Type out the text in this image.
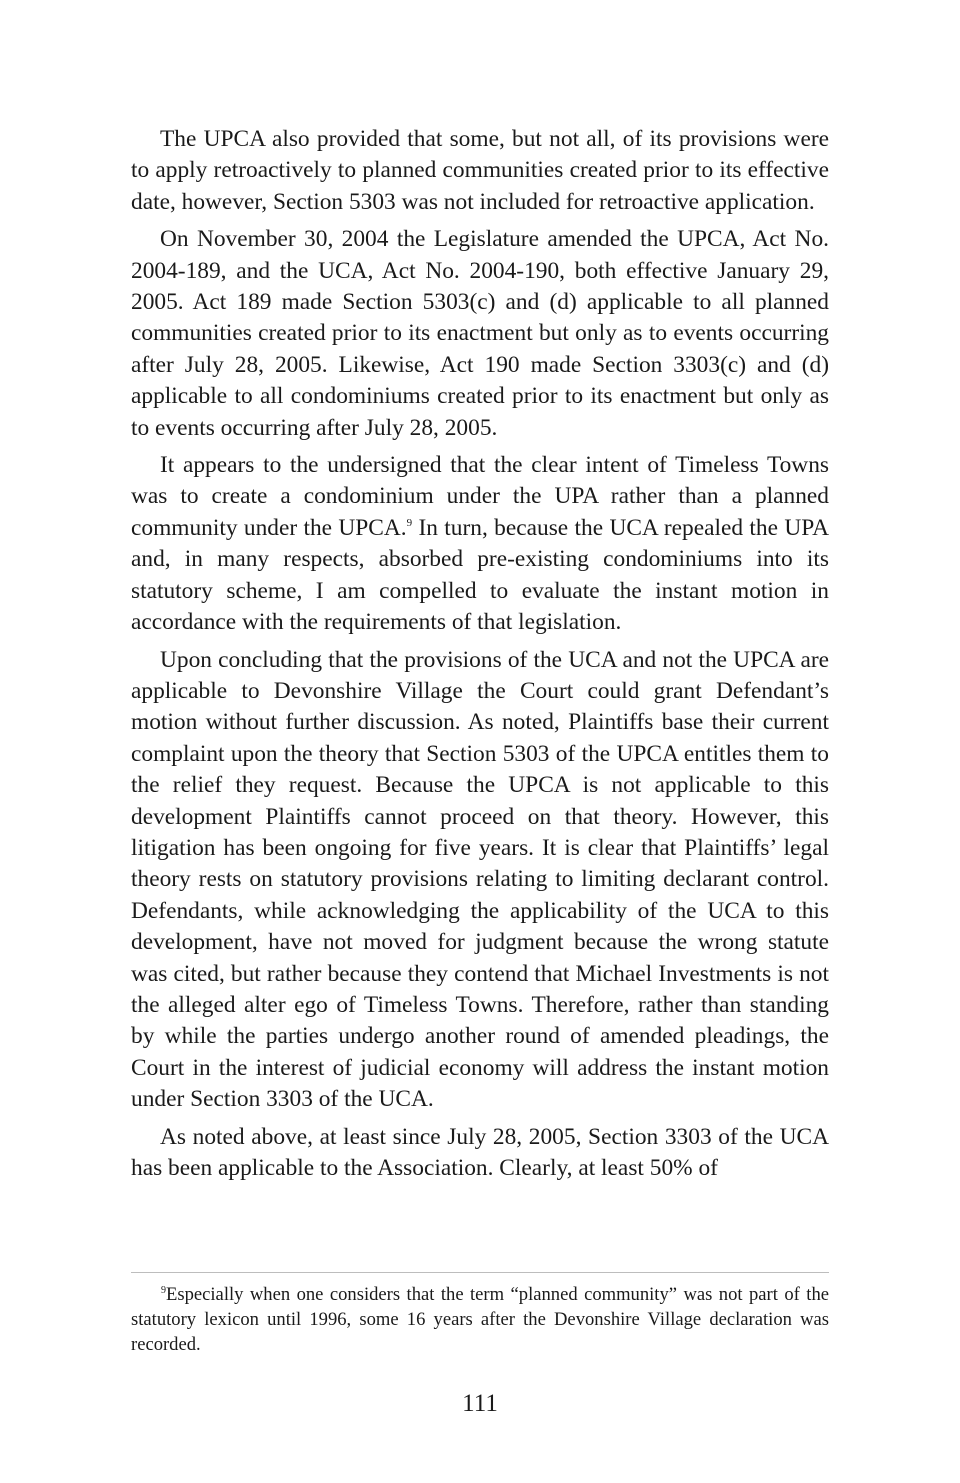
The UPCA also provided that some, but not all, of its provisions were to apply retroactively to planned communities created prior to its effective date, however, Section 5303 was not included for retroactive application.

On November 30, 2004 the Legislature amended the UPCA, Act No. 2004-189, and the UCA, Act No. 2004-190, both effective January 29, 2005. Act 189 made Section 5303(c) and (d) applicable to all planned communities created prior to its enactment but only as to events occurring after July 28, 2005. Likewise, Act 190 made Section 3303(c) and (d) applicable to all condominiums created prior to its enactment but only as to events occurring after July 28, 2005.

It appears to the undersigned that the clear intent of Timeless Towns was to create a condominium under the UPA rather than a planned community under the UPCA.$^9$ In turn, because the UCA repealed the UPA and, in many respects, absorbed pre-existing condominiums into its statutory scheme, I am compelled to evaluate the instant motion in accordance with the requirements of that legislation.

Upon concluding that the provisions of the UCA and not the UPCA are applicable to Devonshire Village the Court could grant Defendant’s motion without further discussion. As noted, Plaintiffs base their current complaint upon the theory that Section 5303 of the UPCA entitles them to the relief they request. Because the UPCA is not applicable to this development Plaintiffs cannot proceed on that theory. However, this litigation has been ongoing for five years. It is clear that Plaintiffs’ legal theory rests on statutory provisions relating to limiting declarant control. Defendants, while acknowledging the applicability of the UCA to this development, have not moved for judgment because the wrong statute was cited, but rather because they contend that Michael Investments is not the alleged alter ego of Timeless Towns. Therefore, rather than standing by while the parties undergo another round of amended pleadings, the Court in the interest of judicial economy will address the instant motion under Section 3303 of the UCA.

As noted above, at least since July 28, 2005, Section 3303 of the UCA has been applicable to the Association. Clearly, at least 50% of

$^9$Especially when one considers that the term “planned community” was not part of the statutory lexicon until 1996, some 16 years after the Devonshire Village declaration was recorded.

111
